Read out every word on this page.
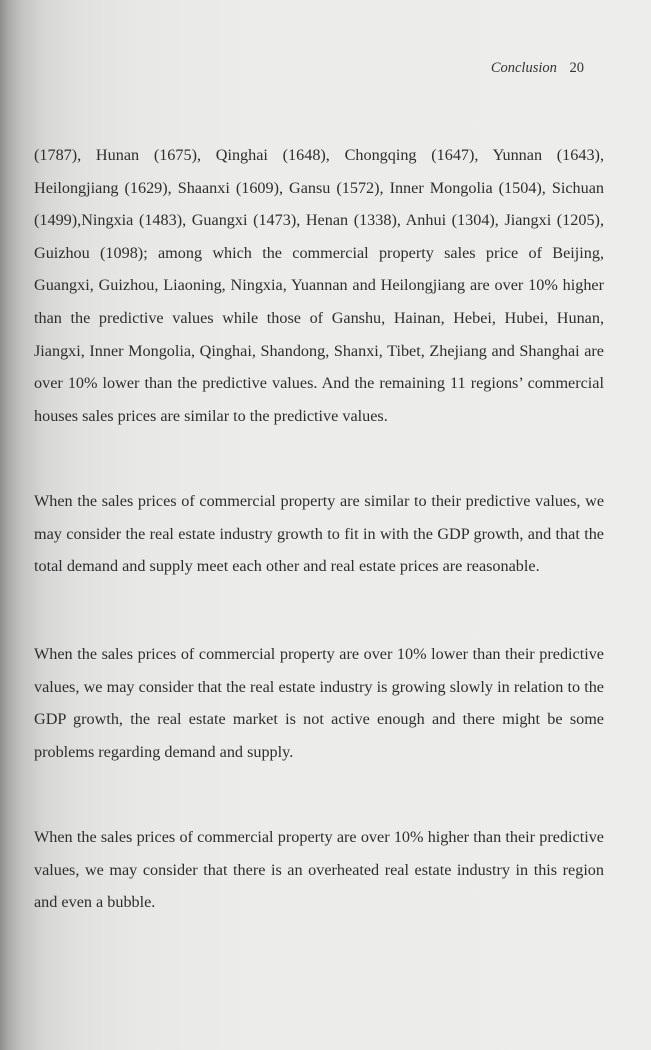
Conclusion 20

(1787), Hunan (1675), Qinghai (1648), Chongqing (1647), Yunnan (1643), Heilongjiang (1629), Shaanxi (1609), Gansu (1572), Inner Mongolia (1504), Sichuan (1499),Ningxia (1483), Guangxi (1473), Henan (1338), Anhui (1304), Jiangxi (1205), Guizhou (1098); among which the commercial property sales price of Beijing, Guangxi, Guizhou, Liaoning, Ningxia, Yuannan and Heilongjiang are over 10% higher than the predictive values while those of Ganshu, Hainan, Hebei, Hubei, Hunan, Jiangxi, Inner Mongolia, Qinghai, Shandong, Shanxi, Tibet, Zhejiang and Shanghai are over 10% lower than the predictive values. And the remaining 11 regions’ commercial houses sales prices are similar to the predictive values.

When the sales prices of commercial property are similar to their predictive values, we may consider the real estate industry growth to fit in with the GDP growth, and that the total demand and supply meet each other and real estate prices are reasonable.

When the sales prices of commercial property are over 10% lower than their predictive values, we may consider that the real estate industry is growing slowly in relation to the GDP growth, the real estate market is not active enough and there might be some problems regarding demand and supply.

When the sales prices of commercial property are over 10% higher than their predictive values, we may consider that there is an overheated real estate industry in this region and even a bubble.
